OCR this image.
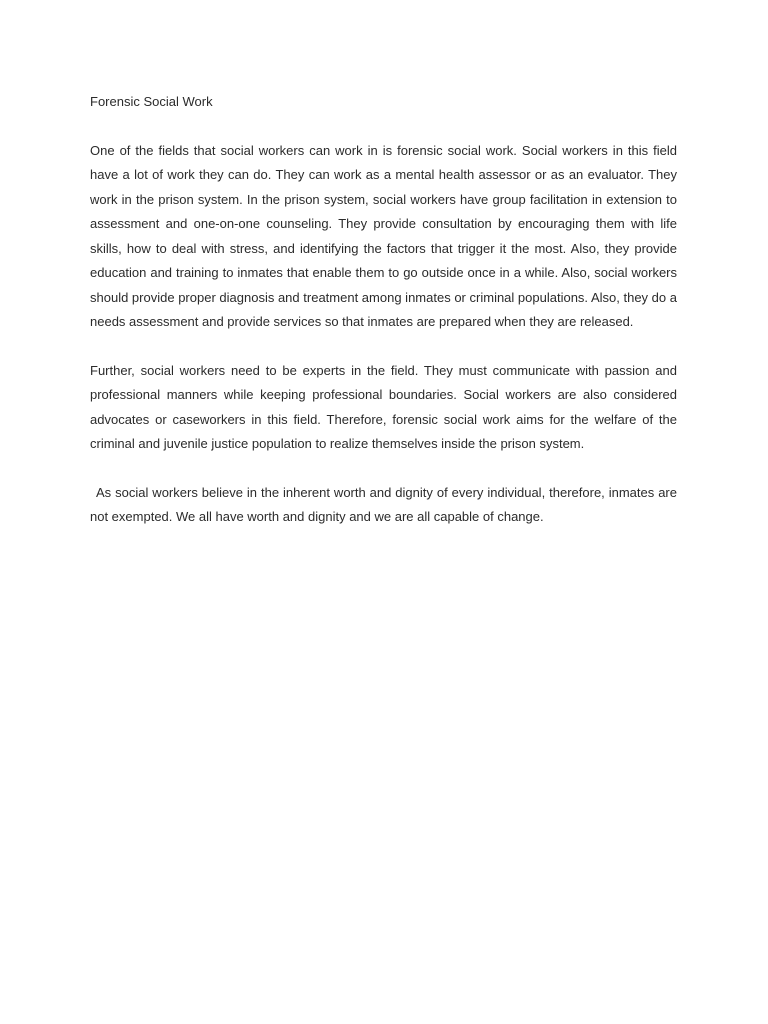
Forensic Social Work

One of the fields that social workers can work in is forensic social work. Social workers in this field have a lot of work they can do. They can work as a mental health assessor or as an evaluator. They work in the prison system. In the prison system, social workers have group facilitation in extension to assessment and one-on-one counseling. They provide consultation by encouraging them with life skills, how to deal with stress, and identifying the factors that trigger it the most. Also, they provide education and training to inmates that enable them to go outside once in a while. Also, social workers should provide proper diagnosis and treatment among inmates or criminal populations. Also, they do a needs assessment and provide services so that inmates are prepared when they are released.

Further, social workers need to be experts in the field. They must communicate with passion and professional manners while keeping professional boundaries. Social workers are also considered advocates or caseworkers in this field. Therefore, forensic social work aims for the welfare of the criminal and juvenile justice population to realize themselves inside the prison system.

As social workers believe in the inherent worth and dignity of every individual, therefore, inmates are not exempted. We all have worth and dignity and we are all capable of change.
